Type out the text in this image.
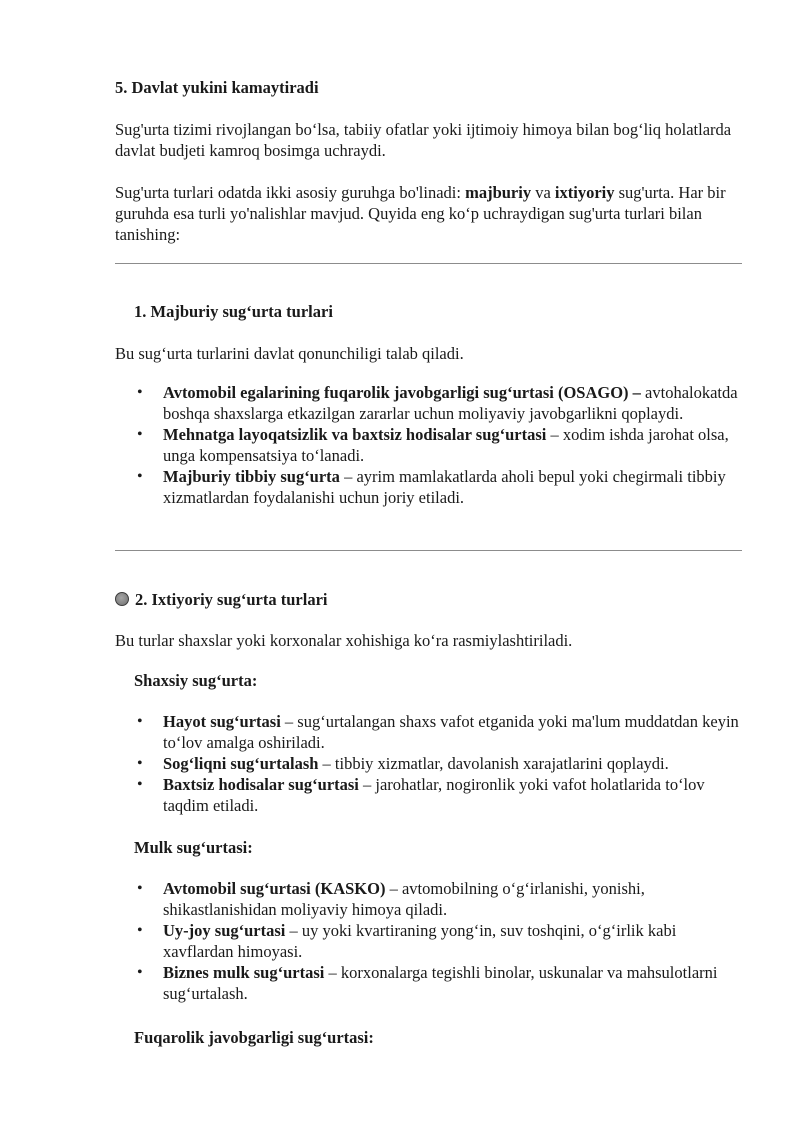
5. Davlat yukini kamaytiradi

Sug'urta tizimi rivojlangan bo‘lsa, tabiiy ofatlar yoki ijtimoiy himoya bilan bog‘liq holatlarda davlat budjeti kamroq bosimga uchraydi.

Sug'urta turlari odatda ikki asosiy guruhga bo'linadi: majburiy va ixtiyoriy sug'urta. Har bir guruhda esa turli yo'nalishlar mavjud. Quyida eng ko‘p uchraydigan sug'urta turlari bilan tanishing:

1. Majburiy sug‘urta turlari

Bu sug‘urta turlarini davlat qonunchiligi talab qiladi.

• Avtomobil egalarining fuqarolik javobgarligi sug‘urtasi (OSAGO) – avtohalokatda boshqa shaxslarga etkazilgan zararlar uchun moliyaviy javobgarlikni qoplaydi.
• Mehnatga layoqatsizlik va baxtsiz hodisalar sug‘urtasi – xodim ishda jarohat olsa, unga kompensatsiya to‘lanadi.
• Majburiy tibbiy sug‘urta – ayrim mamlakatlarda aholi bepul yoki chegirmali tibbiy xizmatlardan foydalanishi uchun joriy etiladi.
2. Ixtiyoriy sug‘urta turlari

Bu turlar shaxslar yoki korxonalar xohishiga ko‘ra rasmiylashtiriladi.

Shaxsiy sug‘urta:
• Hayot sug‘urtasi – sug‘urtalangan shaxs vafot etganida yoki ma'lum muddatdan keyin to‘lov amalga oshiriladi.
• Sog‘liqni sug‘urtalash – tibbiy xizmatlar, davolanish xarajatlarini qoplaydi.
• Baxtsiz hodisalar sug‘urtasi – jarohatlar, nogironlik yoki vafot holatlarida to‘lov taqdim etiladi.
Mulk sug‘urtasi:
• Avtomobil sug‘urtasi (KASKO) – avtomobilning o‘g‘irlanishi, yonishi, shikastlanishidan moliyaviy himoya qiladi.
• Uy-joy sug‘urtasi – uy yoki kvartiraning yong‘in, suv toshqini, o‘g‘irlik kabi xavflardan himoyasi.
• Biznes mulk sug‘urtasi – korxonalarga tegishli binolar, uskunalar va mahsulotlarni sug‘urtalash.
Fuqarolik javobgarligi sug‘urtasi:
